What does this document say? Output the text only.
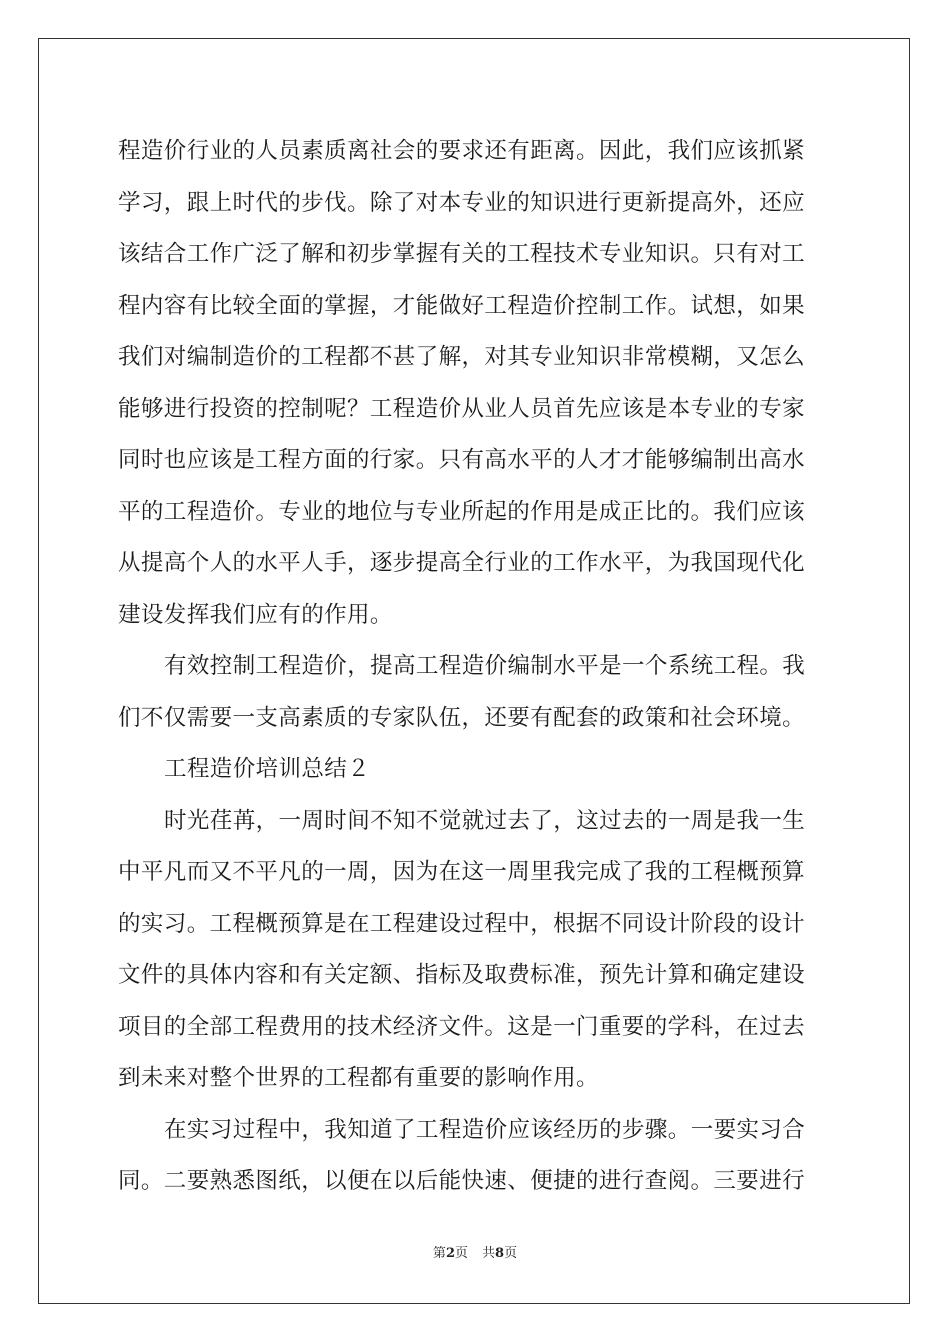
程造价行业的人员素质离社会的要求还有距离。因此，我们应该抓紧
学习，跟上时代的步伐。除了对本专业的知识进行更新提高外，还应
该结合工作广泛了解和初步掌握有关的工程技术专业知识。只有对工
程内容有比较全面的掌握，才能做好工程造价控制工作。试想，如果
我们对编制造价的工程都不甚了解，对其专业知识非常模糊，又怎么
能够进行投资的控制呢？工程造价从业人员首先应该是本专业的专家
同时也应该是工程方面的行家。只有高水平的人才才能够编制出高水
平的工程造价。专业的地位与专业所起的作用是成正比的。我们应该
从提高个人的水平人手，逐步提高全行业的工作水平，为我国现代化
建设发挥我们应有的作用。
有效控制工程造价，提高工程造价编制水平是一个系统工程。我
们不仅需要一支高素质的专家队伍，还要有配套的政策和社会环境。
工程造价培训总结２
时光荏苒，一周时间不知不觉就过去了，这过去的一周是我一生
中平凡而又不平凡的一周，因为在这一周里我完成了我的工程概预算
的实习。工程概预算是在工程建设过程中，根据不同设计阶段的设计
文件的具体内容和有关定额、指标及取费标准，预先计算和确定建设
项目的全部工程费用的技术经济文件。这是一门重要的学科，在过去
到未来对整个世界的工程都有重要的影响作用。
在实习过程中，我知道了工程造价应该经历的步骤。一要实习合
同。二要熟悉图纸，以便在以后能快速、便捷的进行查阅。三要进行
第2页 共8页
